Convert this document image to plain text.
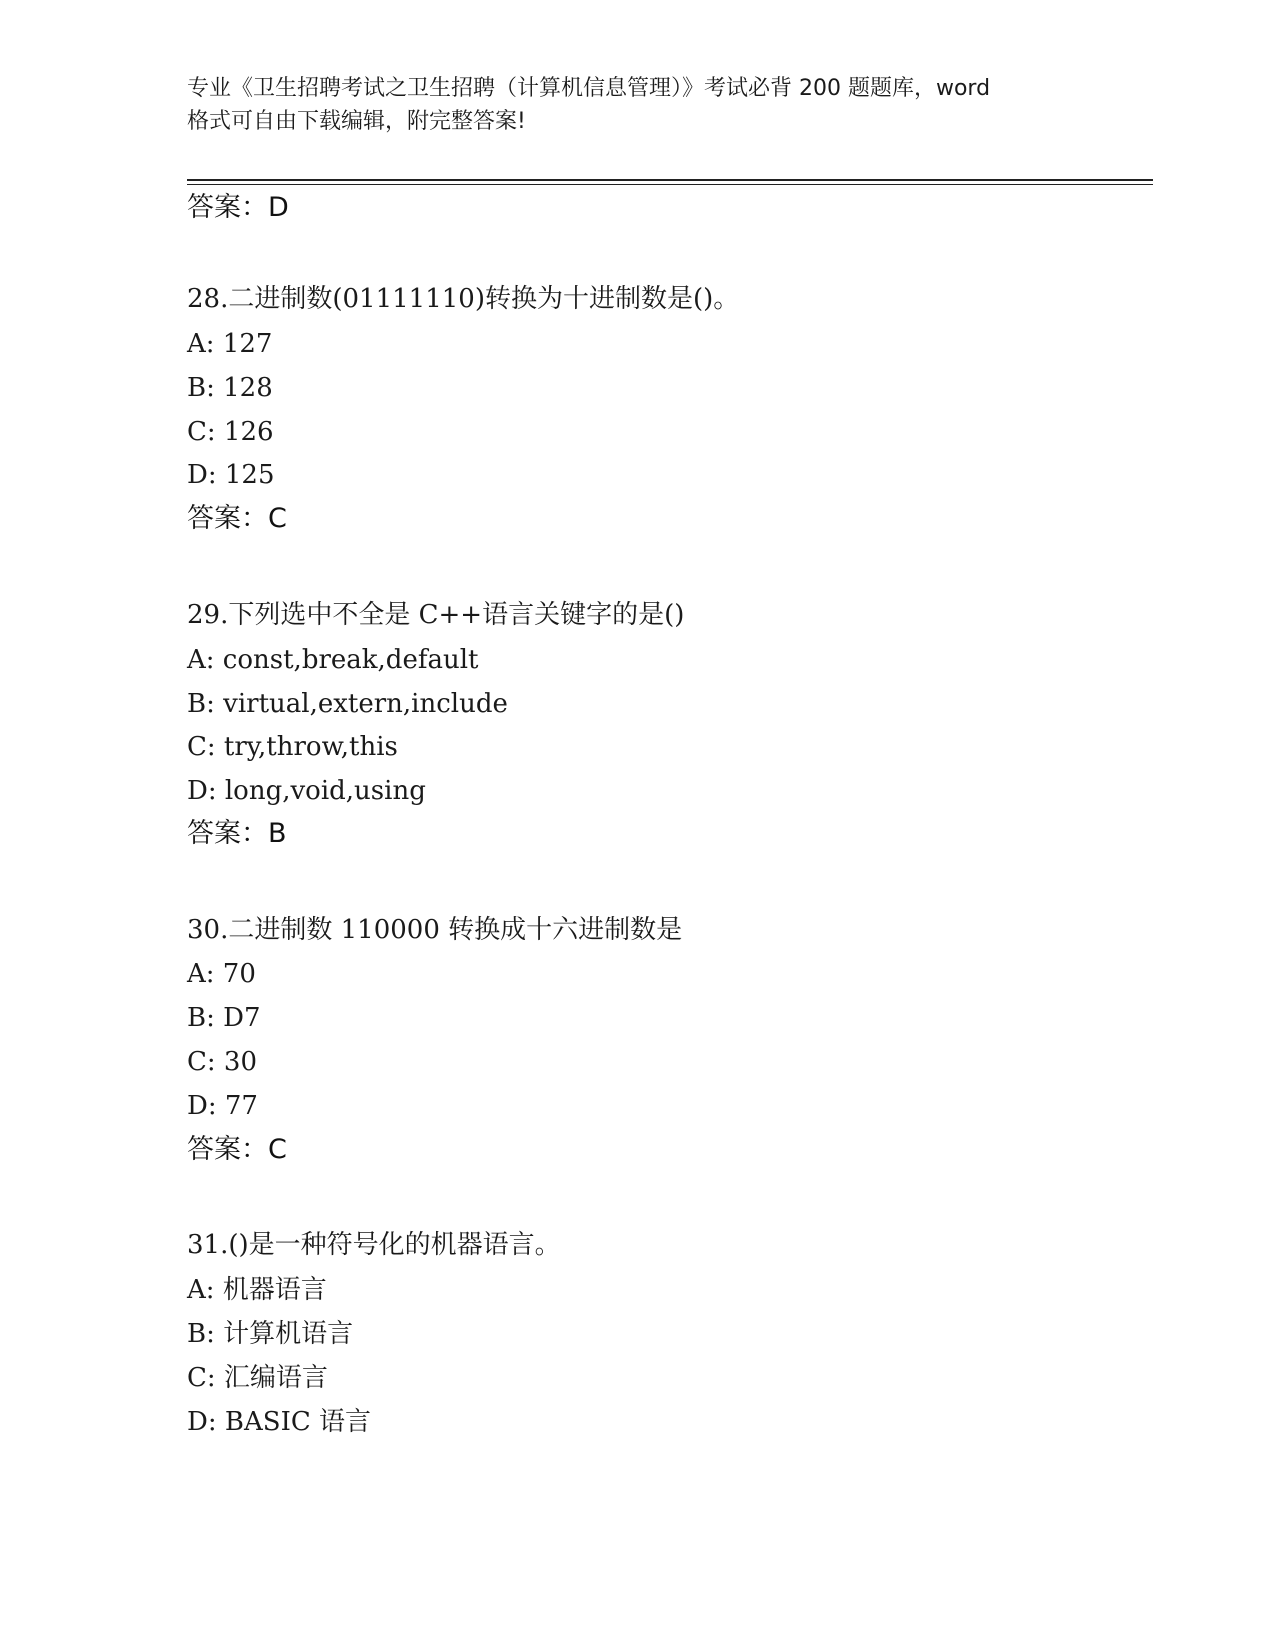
专业《卫生招聘考试之卫生招聘（计算机信息管理）》考试必背 200 题题库，word
格式可自由下载编辑，附完整答案!
答案：D
28.二进制数(01111110)转换为十进制数是()。
A: 127
B: 128
C: 126
D: 125
答案：C
29.下列选中不全是 C++语言关键字的是()
A: const,break,default
B: virtual,extern,include
C: try,throw,this
D: long,void,using
答案：B
30.二进制数 110000 转换成十六进制数是
A: 70
B: D7
C: 30
D: 77
答案：C
31.()是一种符号化的机器语言。
A: 机器语言
B: 计算机语言
C: 汇编语言
D: BASIC 语言
